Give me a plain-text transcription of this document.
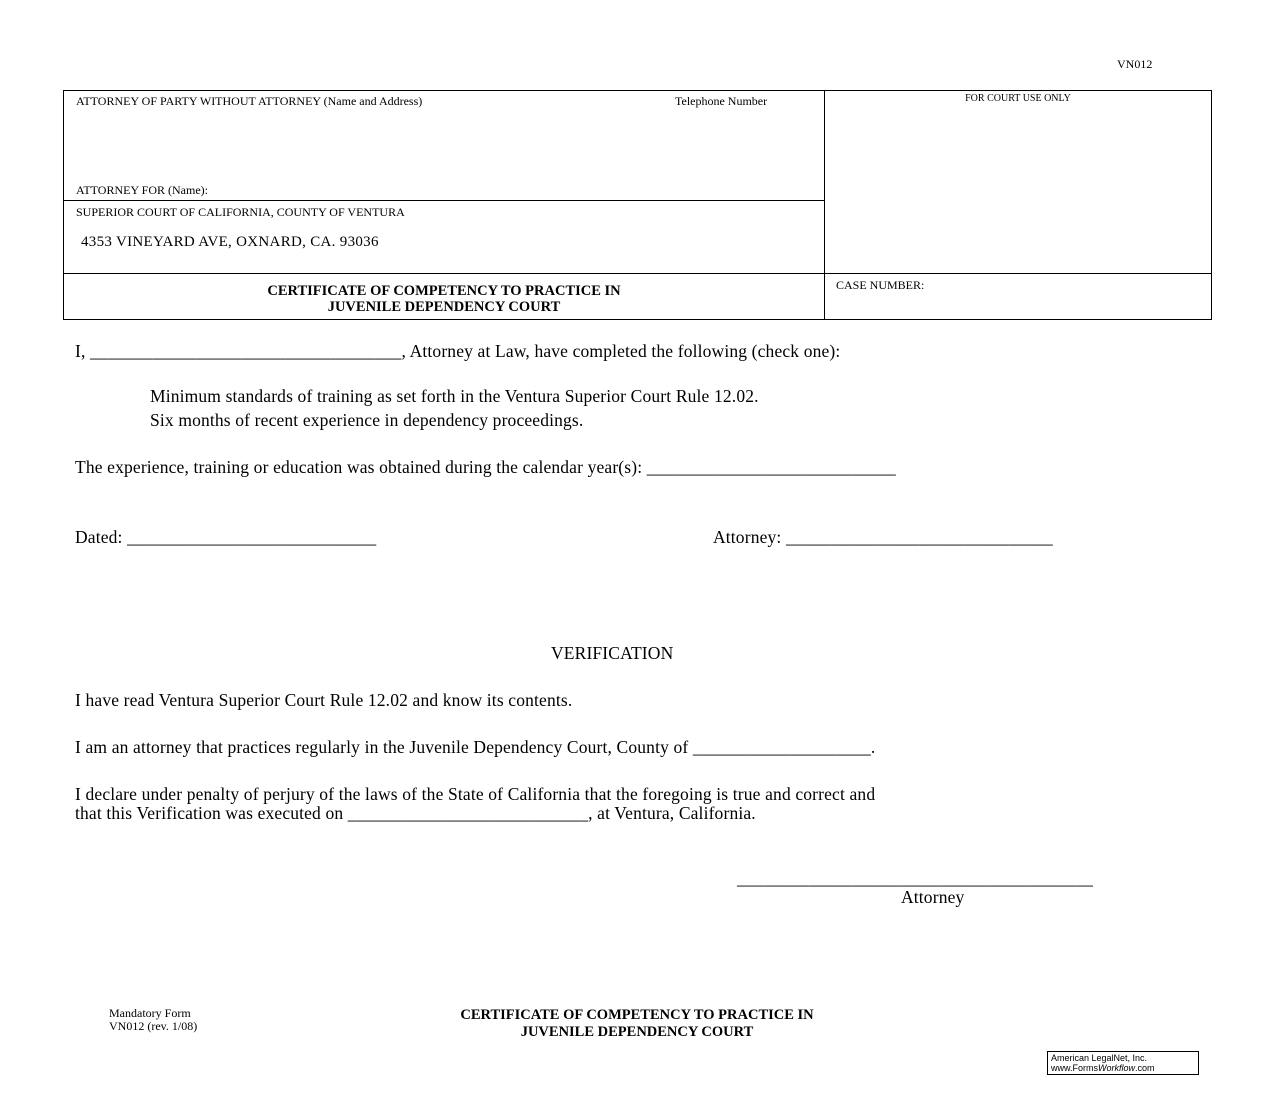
VN012
ATTORNEY OF PARTY WITHOUT ATTORNEY (Name and Address)	Telephone Number	FOR COURT USE ONLY
ATTORNEY FOR (Name):
SUPERIOR COURT OF CALIFORNIA, COUNTY OF VENTURA
4353 VINEYARD AVE, OXNARD, CA. 93036
CERTIFICATE OF COMPETENCY TO PRACTICE IN
JUVENILE DEPENDENCY COURT
CASE NUMBER:
I, ___________________________________, Attorney at Law, have completed the following (check one):
Minimum standards of training as set forth in the Ventura Superior Court Rule 12.02.
Six months of recent experience in dependency proceedings.
The experience, training or education was obtained during the calendar year(s): ____________________________
Dated: ____________________________	Attorney: ______________________________
VERIFICATION
I have read Ventura Superior Court Rule 12.02 and know its contents.
I am an attorney that practices regularly in the Juvenile Dependency Court, County of ____________________.
I declare under penalty of perjury of the laws of the State of California that the foregoing is true and correct and
that this Verification was executed on ___________________________, at Ventura, California.
________________________________________
Attorney
Mandatory Form
VN012 (rev. 1/08)
CERTIFICATE OF COMPETENCY TO PRACTICE IN
JUVENILE DEPENDENCY COURT
American LegalNet, Inc.
www.FormsWorkflow.com
